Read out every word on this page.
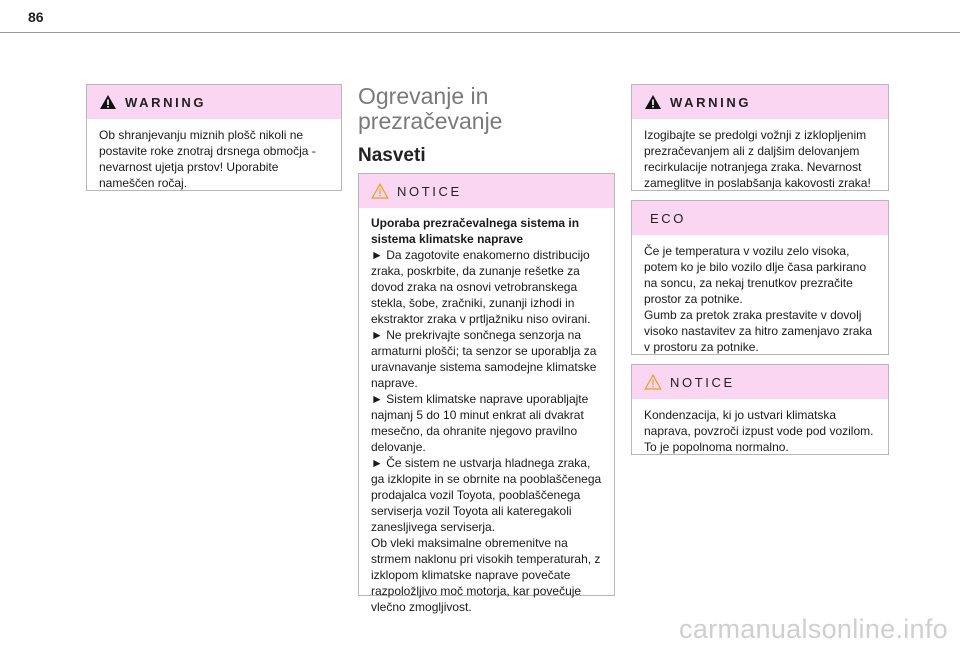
86
WARNING

Ob shranjevanju miznih plošč nikoli ne postavite roke znotraj drsnega območja - nevarnost ujetja prstov! Uporabite nameščen ročaj.

Ogrevanje in
prezračevanje
Nasveti
NOTICE

Uporaba prezračevalnega sistema in

sistema klimatske naprave

► Da zagotovite enakomerno distribucijo zraka, poskrbite, da zunanje rešetke za dovod zraka na osnovi vetrobranskega stekla, šobe, zračniki, zunanji izhodi in ekstraktor zraka v prtljažniku niso ovirani.

► Ne prekrivajte sončnega senzorja na armaturni plošči; ta senzor se uporablja za uravnavanje sistema samodejne klimatske naprave.

► Sistem klimatske naprave uporabljajte najmanj 5 do 10 minut enkrat ali dvakrat mesečno, da ohranite njegovo pravilno delovanje.

► Če sistem ne ustvarja hladnega zraka, ga izklopite in se obrnite na pooblaščenega prodajalca vozil Toyota, pooblaščenega serviserja vozil Toyota ali kateregakoli zanesljivega serviserja.

Ob vleki maksimalne obremenitve na strmem naklonu pri visokih temperaturah, z izklopom klimatske naprave povečate razpoložljivo moč motorja, kar povečuje vlečno zmogljivost.

WARNING

Izogibajte se predolgi vožnji z izklopljenim prezračevanjem ali z daljšim delovanjem recirkulacije notranjega zraka. Nevarnost zameglitve in poslabšanja kakovosti zraka!

ECO

Če je temperatura v vozilu zelo visoka, potem ko je bilo vozilo dlje časa parkirano na soncu, za nekaj trenutkov prezračite prostor za potnike.

Gumb za pretok zraka prestavite v dovolj visoko nastavitev za hitro zamenjavo zraka v prostoru za potnike.

NOTICE

Kondenzacija, ki jo ustvari klimatska naprava, povzroči izpust vode pod vozilom. To je popolnoma normalno.

carmanualsonline.info
